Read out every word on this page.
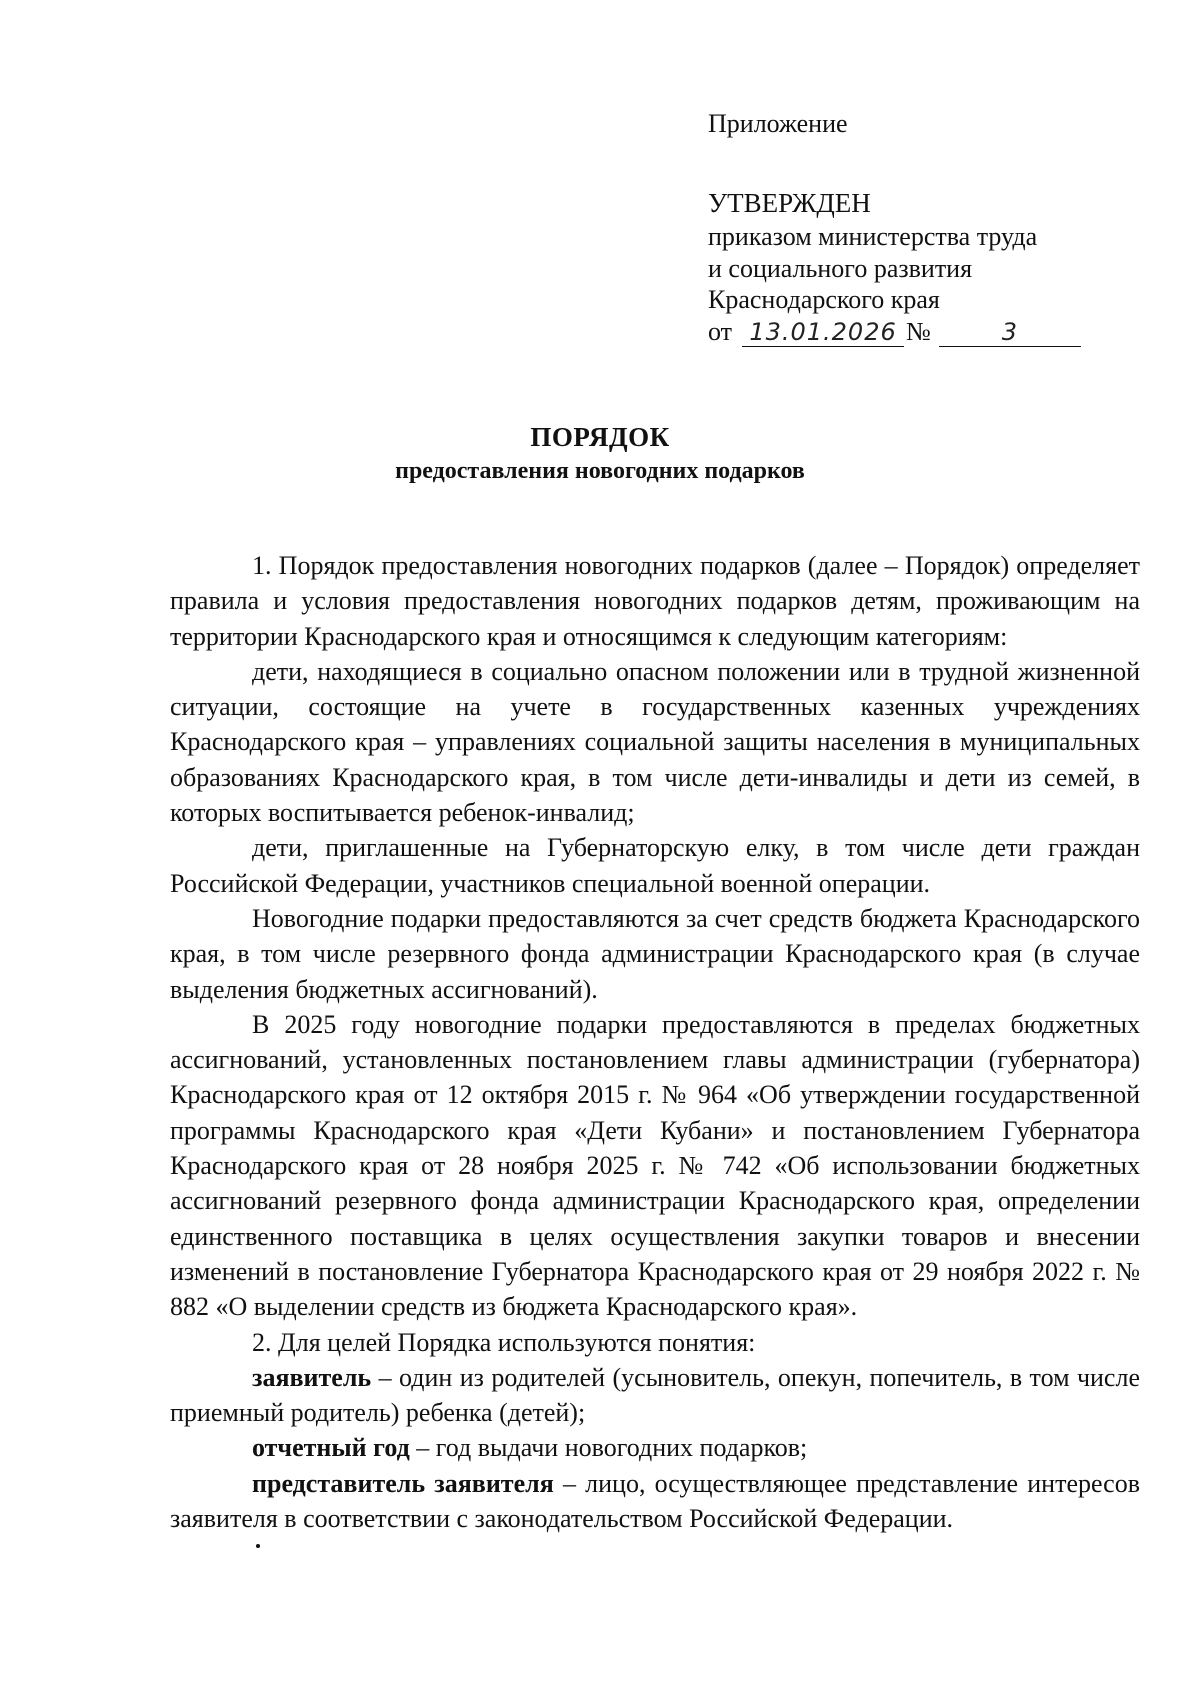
Приложение
УТВЕРЖДЕН
приказом министерства труда
и социального развития
Краснодарского края
от 13.01.2026 №	3
ПОРЯДОК
предоставления новогодних подарков

1. Порядок предоставления новогодних подарков (далее – Порядок) определяет правила и условия предоставления новогодних подарков детям, проживающим на территории Краснодарского края и относящимся к следующим категориям:

дети, находящиеся в социально опасном положении или в трудной жизненной ситуации, состоящие на учете в государственных казенных учреждениях Краснодарского края – управлениях социальной защиты населения в муниципальных образованиях Краснодарского края, в том числе дети-инвалиды и дети из семей, в которых воспитывается ребенок-инвалид;

дети, приглашенные на Губернаторскую елку, в том числе дети граждан Российской Федерации, участников специальной военной операции.

Новогодние подарки предоставляются за счет средств бюджета Краснодарского края, в том числе резервного фонда администрации Краснодарского края (в случае выделения бюджетных ассигнований).

В 2025 году новогодние подарки предоставляются в пределах бюджетных ассигнований, установленных постановлением главы администрации (губернатора) Краснодарского края от 12 октября 2015 г. № 964 «Об утверждении государственной программы Краснодарского края «Дети Кубани» и постановлением Губернатора Краснодарского края от 28 ноября 2025 г. № 742 «Об использовании бюджетных ассигнований резервного фонда администрации Краснодарского края, определении единственного поставщика в целях осуществления закупки товаров и внесении изменений в постановление Губернатора Краснодарского края от 29 ноября 2022 г. № 882 «О выделении средств из бюджета Краснодарского края».

2. Для целей Порядка используются понятия:

заявитель – один из родителей (усыновитель, опекун, попечитель, в том числе приемный родитель) ребенка (детей);

отчетный год – год выдачи новогодних подарков;

представитель заявителя – лицо, осуществляющее представление интересов заявителя в соответствии с законодательством Российской Федерации.
